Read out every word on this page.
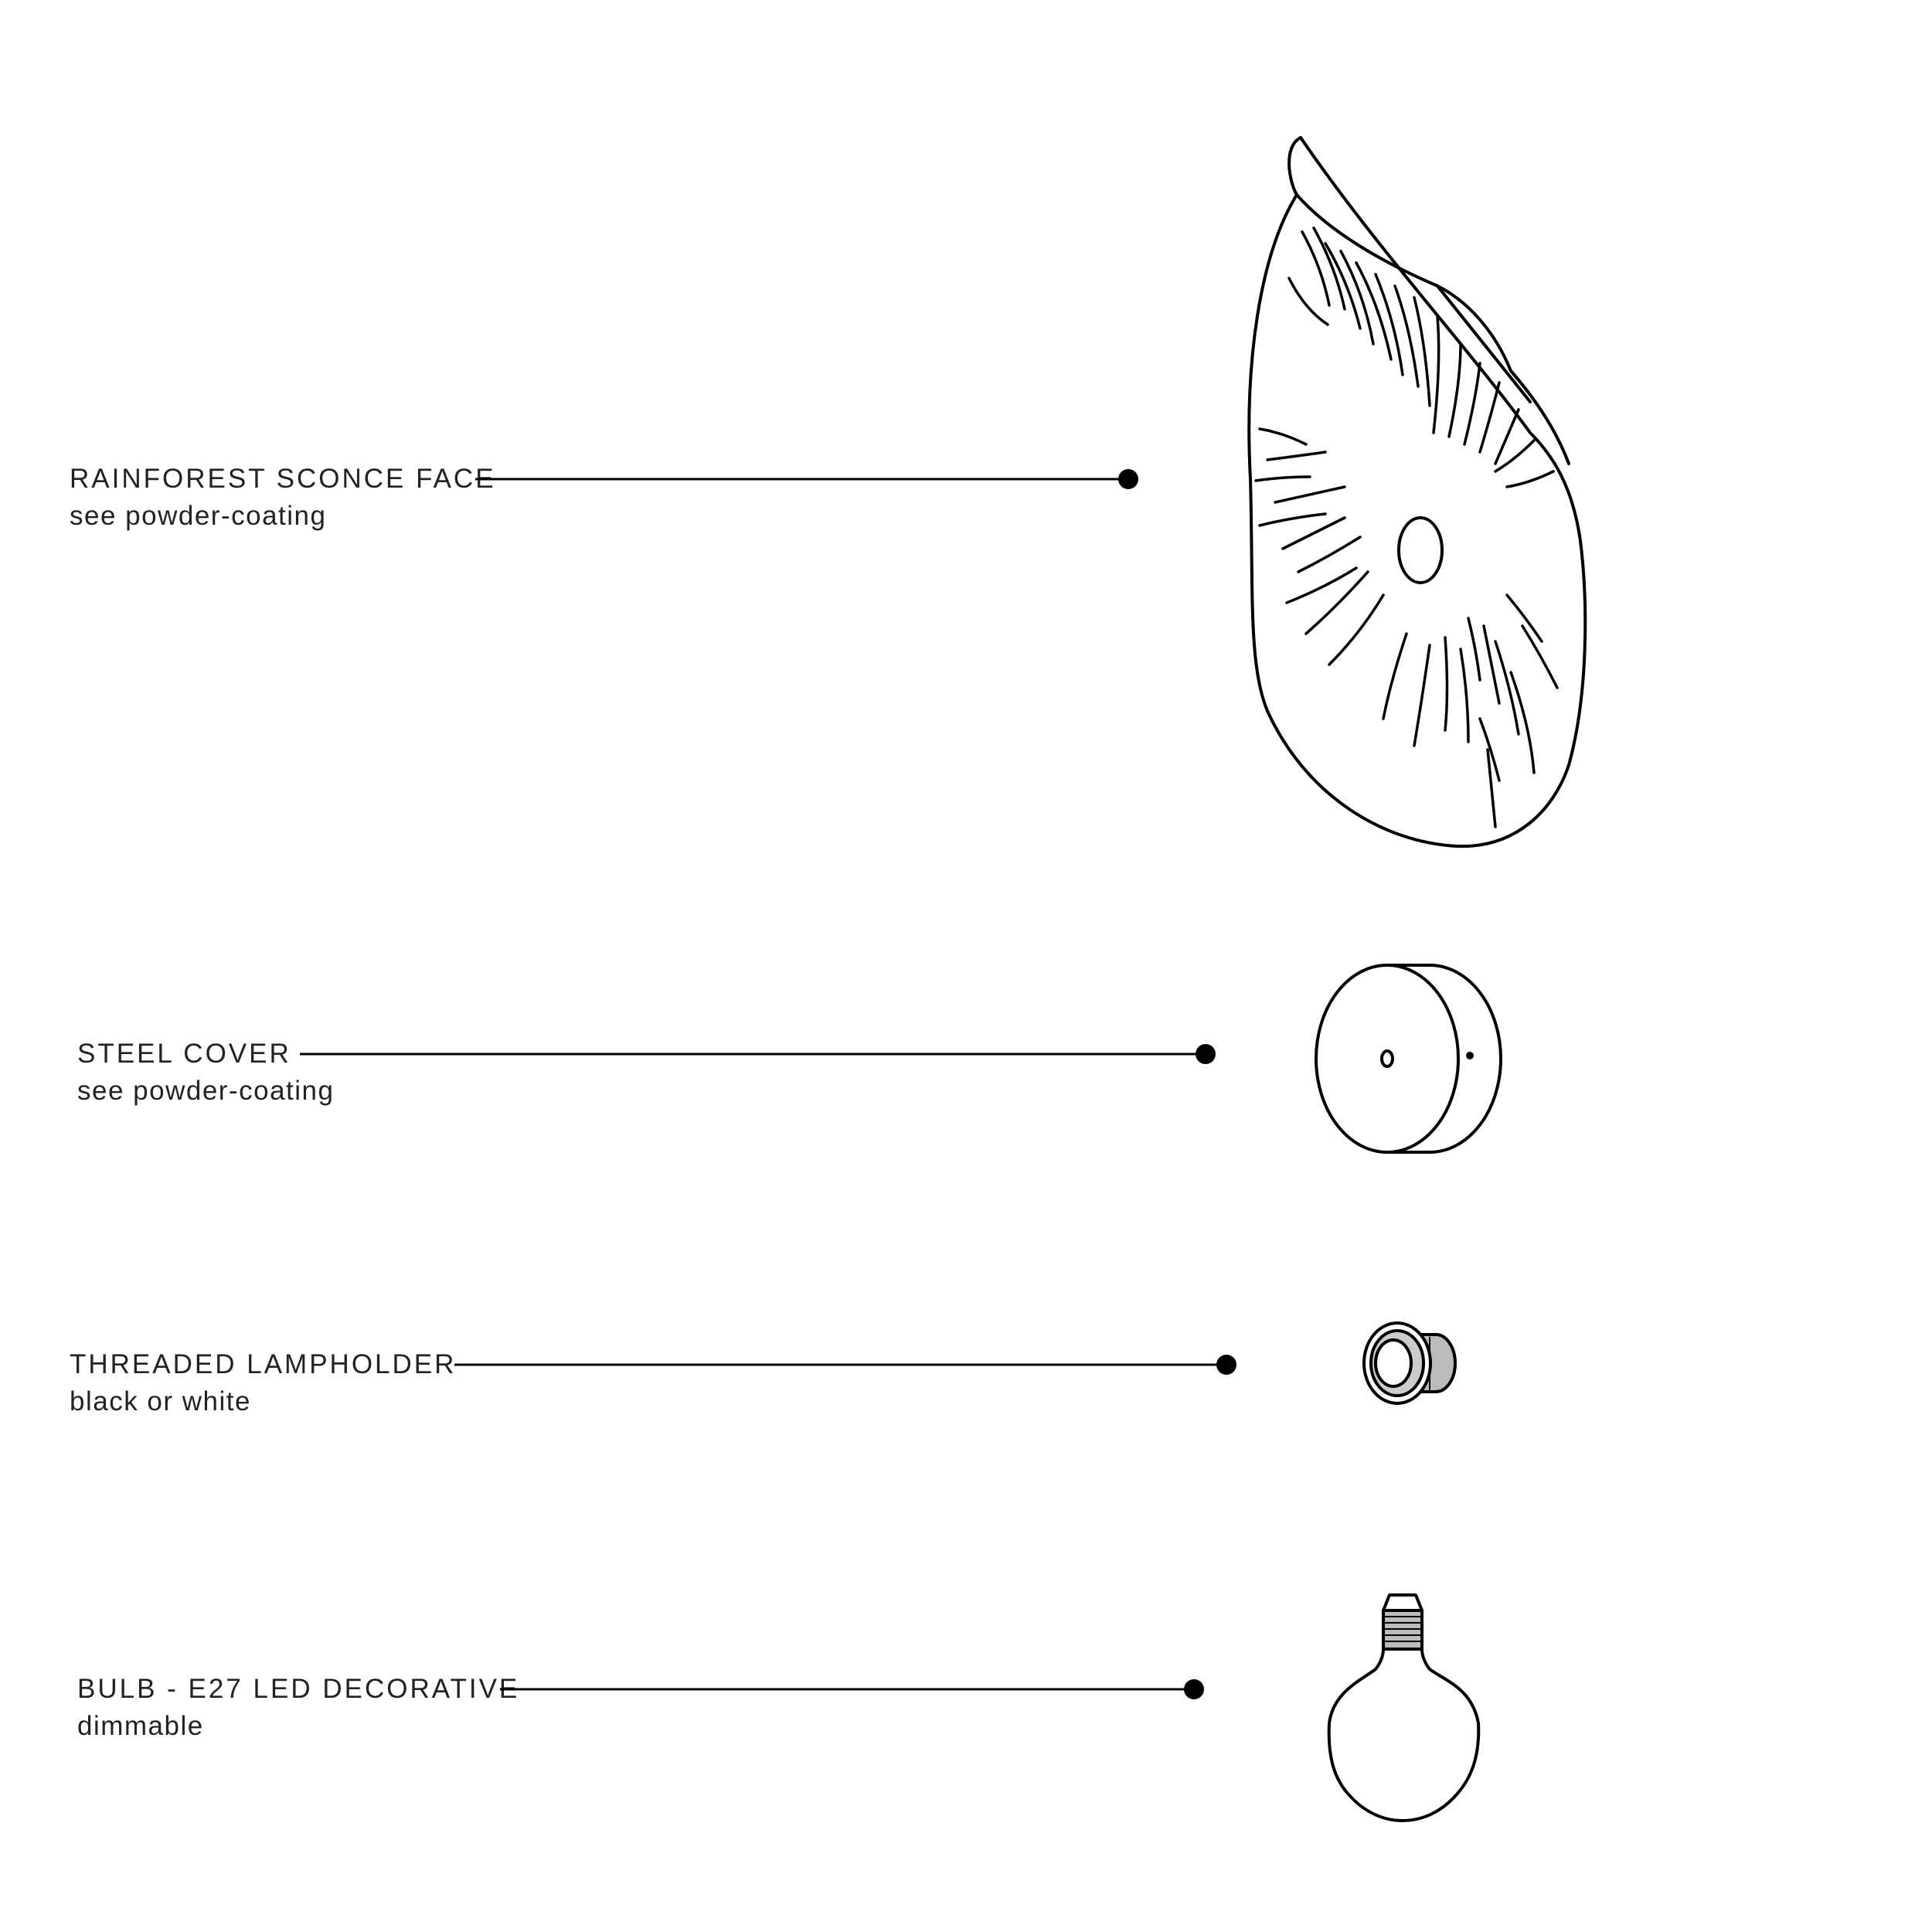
RAINFOREST SCONCE FACE
see powder-coating
STEEL COVER
see powder-coating
THREADED LAMPHOLDER
black or white
BULB - E27 LED DECORATIVE
dimmable
